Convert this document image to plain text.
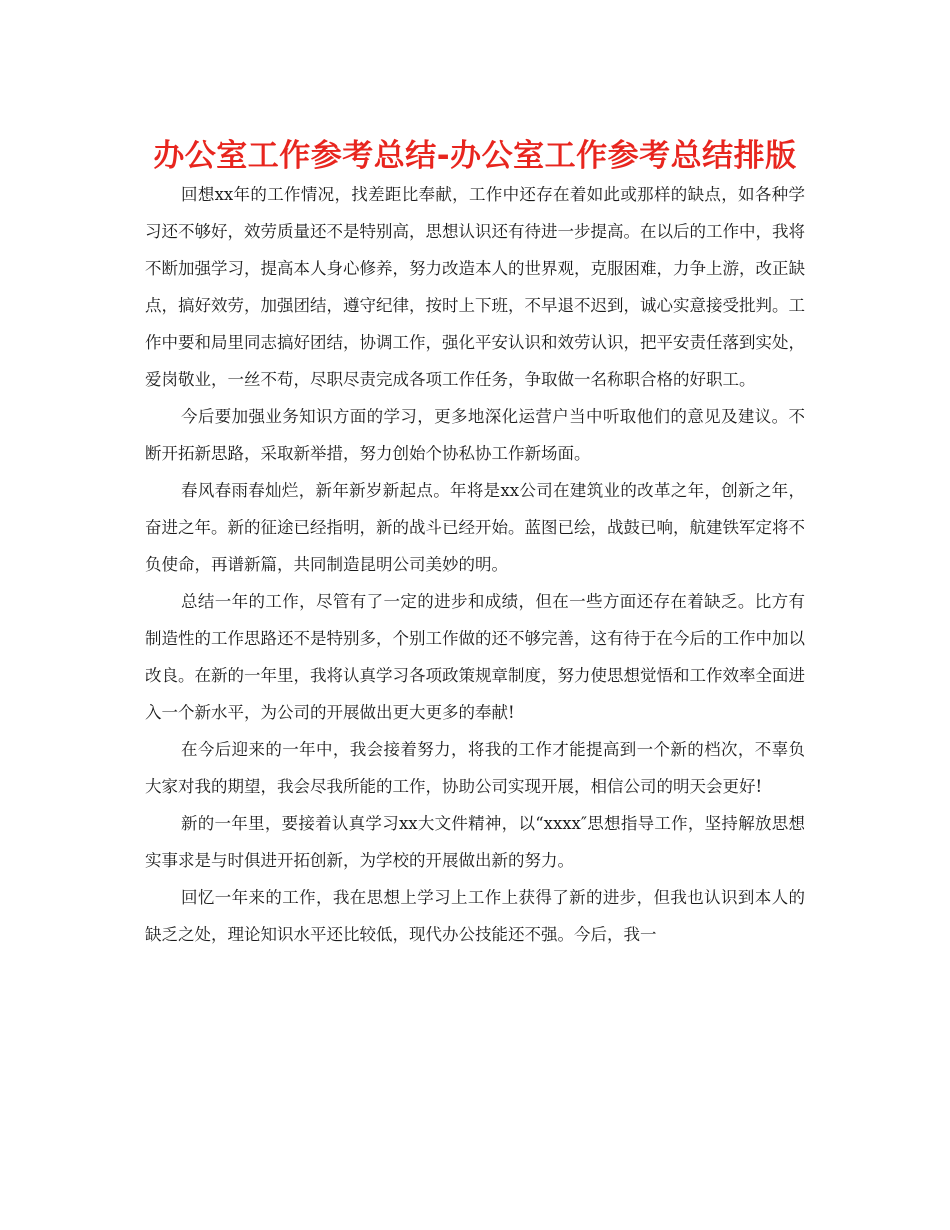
办公室工作参考总结-办公室工作参考总结排版

回想xx年的工作情况，找差距比奉献，工作中还存在着如此或那样的缺点，如各种学习还不够好，效劳质量还不是特别高，思想认识还有待进一步提高。在以后的工作中，我将不断加强学习，提高本人身心修养，努力改造本人的世界观，克服困难，力争上游，改正缺点，搞好效劳，加强团结，遵守纪律，按时上下班，不早退不迟到，诚心实意接受批判。工作中要和局里同志搞好团结，协调工作，强化平安认识和效劳认识，把平安责任落到实处，爱岗敬业，一丝不苟，尽职尽责完成各项工作任务，争取做一名称职合格的好职工。

今后要加强业务知识方面的学习，更多地深化运营户当中听取他们的意见及建议。不断开拓新思路，采取新举措，努力创始个协私协工作新场面。

春风春雨春灿烂，新年新岁新起点。年将是xx公司在建筑业的改革之年，创新之年，奋进之年。新的征途已经指明，新的战斗已经开始。蓝图已绘，战鼓已响，航建铁军定将不负使命，再谱新篇，共同制造昆明公司美妙的明。

总结一年的工作，尽管有了一定的进步和成绩，但在一些方面还存在着缺乏。比方有制造性的工作思路还不是特别多，个别工作做的还不够完善，这有待于在今后的工作中加以改良。在新的一年里，我将认真学习各项政策规章制度，努力使思想觉悟和工作效率全面进入一个新水平，为公司的开展做出更大更多的奉献!

在今后迎来的一年中，我会接着努力，将我的工作才能提高到一个新的档次，不辜负大家对我的期望，我会尽我所能的工作，协助公司实现开展，相信公司的明天会更好!

新的一年里，要接着认真学习xx大文件精神，以“xxxx″思想指导工作，坚持解放思想实事求是与时俱进开拓创新，为学校的开展做出新的努力。

回忆一年来的工作，我在思想上学习上工作上获得了新的进步，但我也认识到本人的缺乏之处，理论知识水平还比较低，现代办公技能还不强。今后，我一
